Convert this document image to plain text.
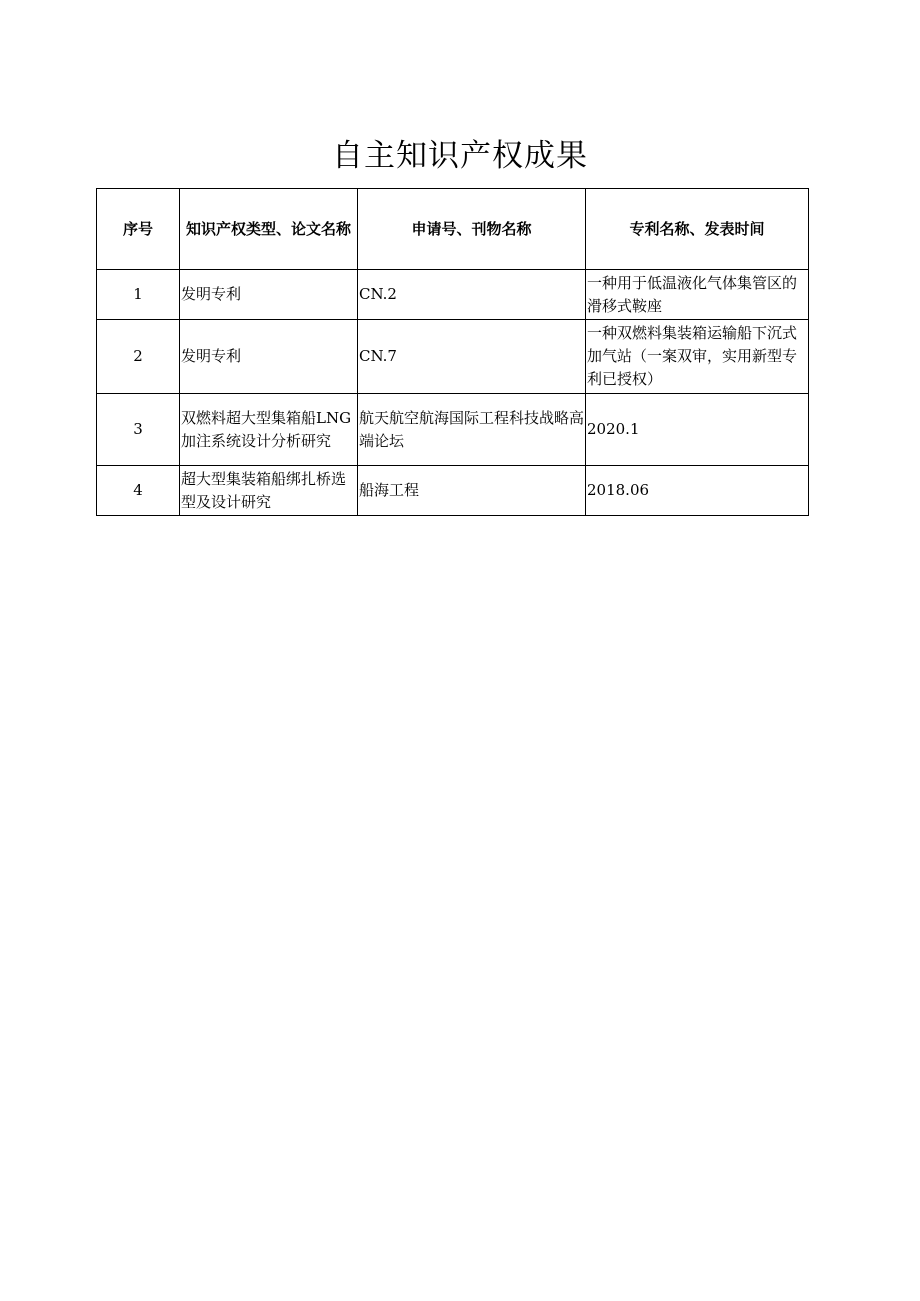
自主知识产权成果
序号	知识产权类型、论文名称	申请号、刊物名称	专利名称、发表时间
1	发明专利	CN.2	一种用于低温液化气体集管区的滑移式鞍座
2	发明专利	CN.7	一种双燃料集装箱运输船下沉式加气站（一案双审，实用新型专利已授权）
3	双燃料超大型集箱船LNG加注系统设计分析研究	航天航空航海国际工程科技战略高端论坛	2020.1
4	超大型集装箱船绑扎桥选型及设计研究	船海工程	2018.06
